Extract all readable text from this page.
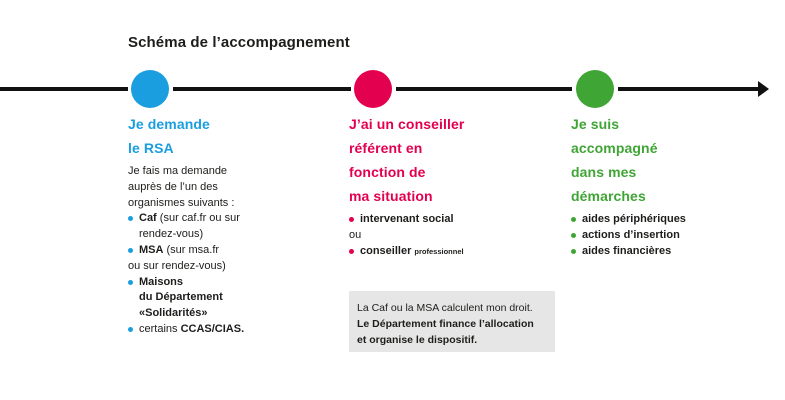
Schéma de l’accompagnement
Je demande
le RSA
Je fais ma demande
auprès de l’un des
organismes suivants :
Caf (sur caf.fr ou sur
rendez-vous)
MSA (sur msa.fr
ou sur rendez-vous)
Maisons
du Département
«Solidarités»
certains CCAS/CIAS.
J’ai un conseiller
référent en
fonction de
ma situation
intervenant social
ou
conseiller professionnel
Je suis
accompagné
dans mes
démarches
aides périphériques
actions d’insertion
aides financières
La Caf ou la MSA calculent mon droit.
Le Département finance l’allocation
et organise le dispositif.
